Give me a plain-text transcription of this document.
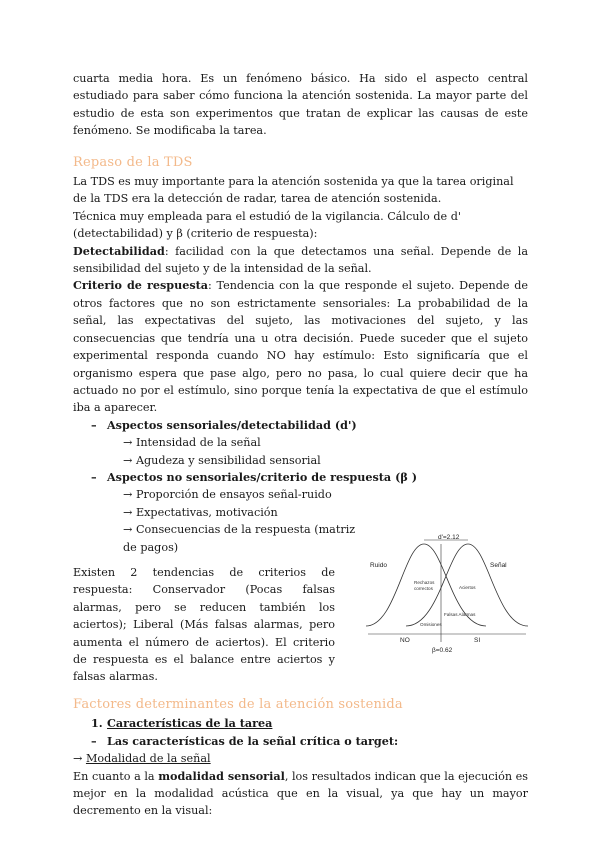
cuarta media hora. Es un fenómeno básico. Ha sido el aspecto central estudiado para saber cómo funciona la atención sostenida. La mayor parte del estudio de esta son experimentos que tratan de explicar las causas de este fenómeno. Se modificaba la tarea.

Repaso de la TDS

La TDS es muy importante para la atención sostenida ya que la tarea original de la TDS era la detección de radar, tarea de atención sostenida.

Técnica muy empleada para el estudió de la vigilancia. Cálculo de d' (detectabilidad) y β (criterio de respuesta):

Detectabilidad: facilidad con la que detectamos una señal. Depende de la sensibilidad del sujeto y de la intensidad de la señal.

Criterio de respuesta: Tendencia con la que responde el sujeto. Depende de otros factores que no son estrictamente sensoriales: La probabilidad de la señal, las expectativas del sujeto, las motivaciones del sujeto, y las consecuencias que tendría una u otra decisión. Puede suceder que el sujeto experimental responda cuando NO hay estímulo: Esto significaría que el organismo espera que pase algo, pero no pasa, lo cual quiere decir que ha actuado no por el estímulo, sino porque tenía la expectativa de que el estímulo iba a aparecer.

– Aspectos sensoriales/detectabilidad (d')
→ Intensidad de la señal
→ Agudeza y sensibilidad sensorial
– Aspectos no sensoriales/criterio de respuesta (β )
→ Proporción de ensayos señal-ruido
→ Expectativas, motivación
→ Consecuencias de la respuesta (matriz de pagos)

Existen 2 tendencias de criterios de respuesta: Conservador (Pocas falsas alarmas, pero se reducen también los aciertos); Liberal (Más falsas alarmas, pero aumenta el número de aciertos). El criterio de respuesta es el balance entre aciertos y falsas alarmas.

d'=2.12
Ruido	Señal
Rechazos
correctos	Aciertos
Falsas Alarmas
Omisiones
NO	SI
β=0.62
Factores determinantes de la atención sostenida
1. Características de la tarea
– Las características de la señal crítica o target:
→ Modalidad de la señal

En cuanto a la modalidad sensorial, los resultados indican que la ejecución es mejor en la modalidad acústica que en la visual, ya que hay un mayor decremento en la visual:
